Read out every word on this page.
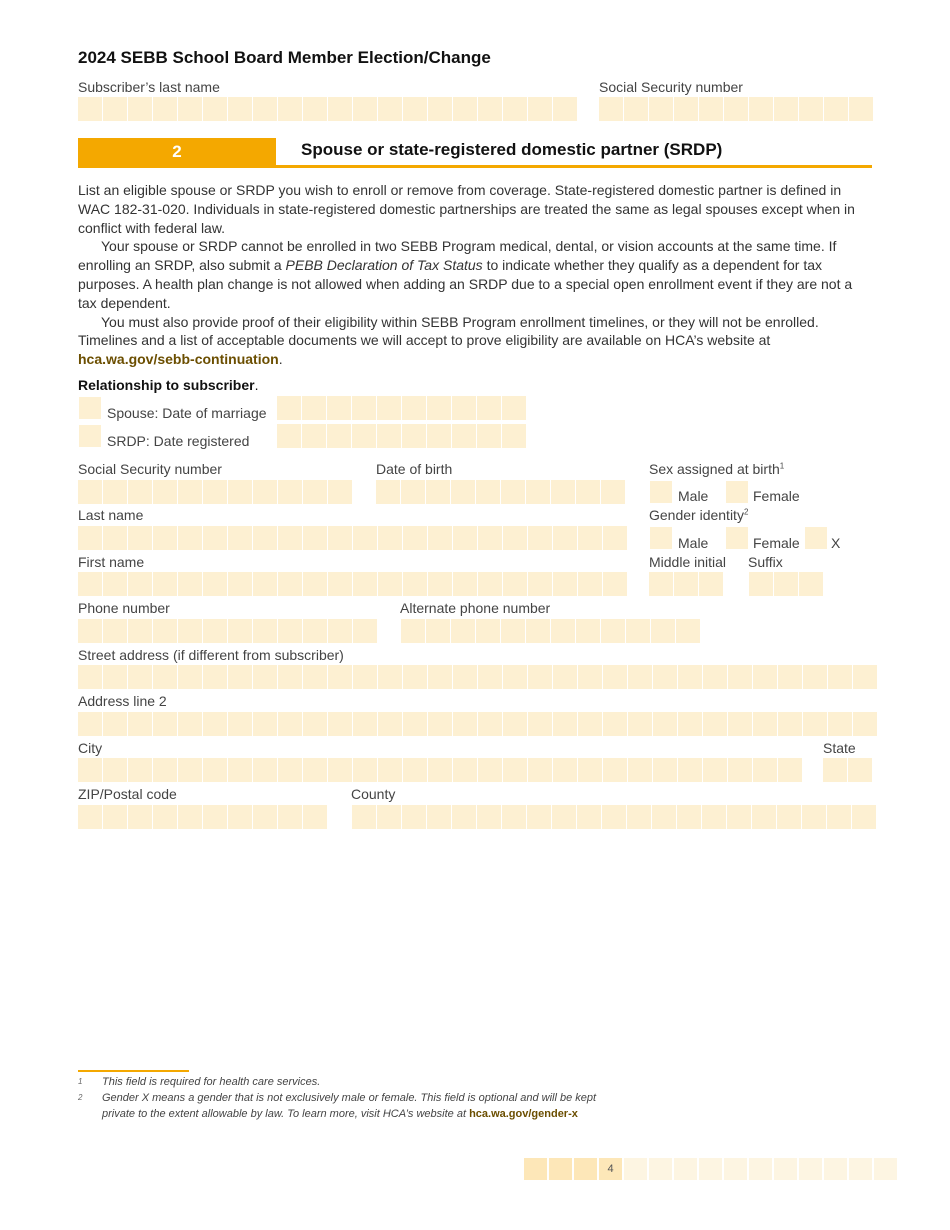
2024 SEBB School Board Member Election/Change
Subscriber’s last name	Social Security number
2	Spouse or state-registered domestic partner (SRDP)
List an eligible spouse or SRDP you wish to enroll or remove from coverage. State-registered domestic partner is defined in WAC 182-31-020. Individuals in state-registered domestic partnerships are treated the same as legal spouses except when in conflict with federal law.
Your spouse or SRDP cannot be enrolled in two SEBB Program medical, dental, or vision accounts at the same time. If enrolling an SRDP, also submit a PEBB Declaration of Tax Status to indicate whether they qualify as a dependent for tax purposes. A health plan change is not allowed when adding an SRDP due to a special open enrollment event if they are not a tax dependent.
You must also provide proof of their eligibility within SEBB Program enrollment timelines, or they will not be enrolled. Timelines and a list of acceptable documents we will accept to prove eligibility are available on HCA’s website at hca.wa.gov/sebb-continuation.
Relationship to subscriber.
Spouse: Date of marriage
SRDP: Date registered
Social Security number	Date of birth	Sex assigned at birth$^1$
Male	Female
Last name	Gender identity$^2$
Male	Female X
First name	Middle initial Suffix
Phone number	Alternate phone number
Street address (if different from subscriber)
Address line 2
City	State
ZIP/Postal code	County
1	This field is required for health care services.
2	Gender X means a gender that is not exclusively male or female. This field is optional and will be kept private to the extent allowable by law. To learn more, visit HCA’s website at hca.wa.gov/gender-x
4
